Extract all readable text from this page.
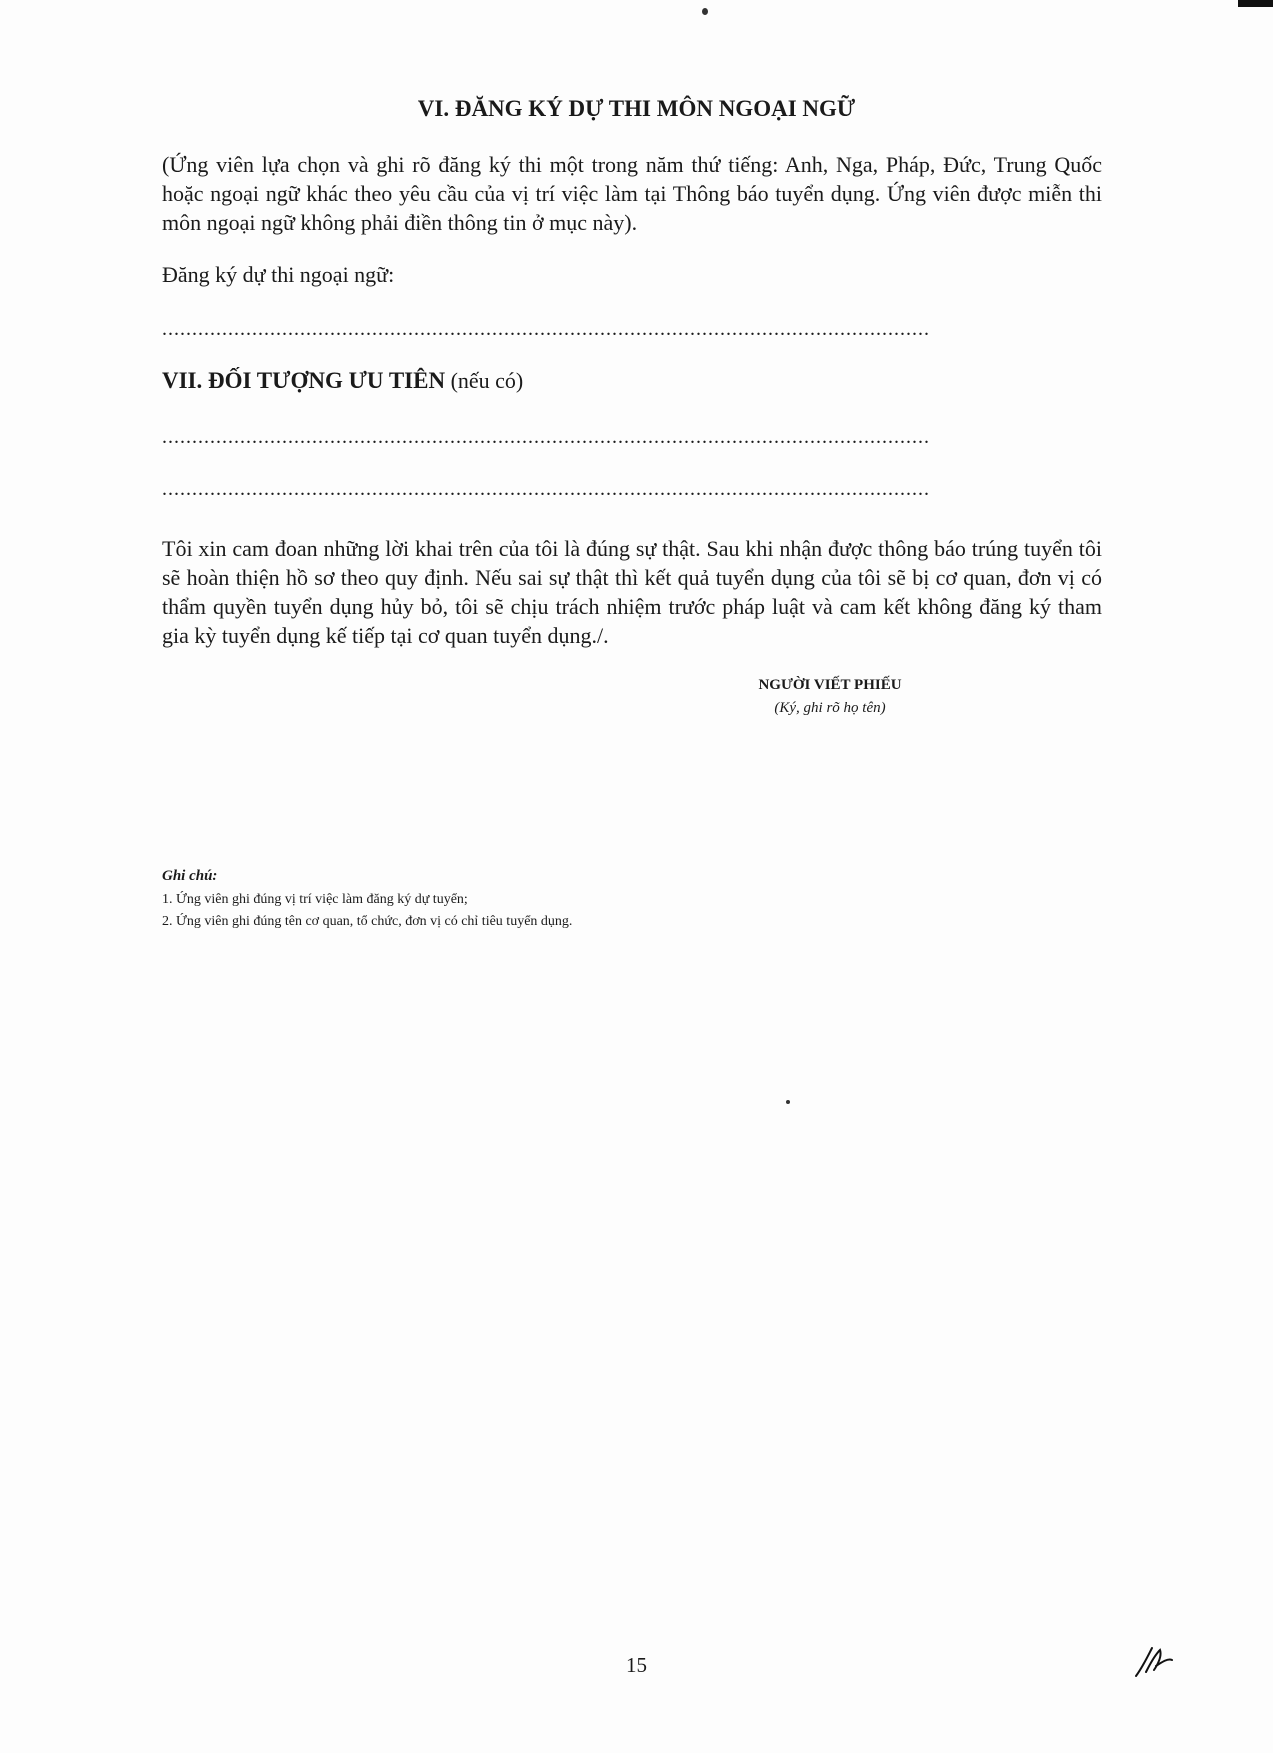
VI. ĐĂNG KÝ DỰ THI MÔN NGOẠI NGỮ
(Ứng viên lựa chọn và ghi rõ đăng ký thi một trong năm thứ tiếng: Anh, Nga, Pháp, Đức, Trung Quốc hoặc ngoại ngữ khác theo yêu cầu của vị trí việc làm tại Thông báo tuyển dụng. Ứng viên được miễn thi môn ngoại ngữ không phải điền thông tin ở mục này).
Đăng ký dự thi ngoại ngữ:
................................................................................................................................
VII. ĐỐI TƯỢNG ƯU TIÊN (nếu có)
................................................................................................................................
................................................................................................................................
Tôi xin cam đoan những lời khai trên của tôi là đúng sự thật. Sau khi nhận được thông báo trúng tuyển tôi sẽ hoàn thiện hồ sơ theo quy định. Nếu sai sự thật thì kết quả tuyển dụng của tôi sẽ bị cơ quan, đơn vị có thẩm quyền tuyển dụng hủy bỏ, tôi sẽ chịu trách nhiệm trước pháp luật và cam kết không đăng ký tham gia kỳ tuyển dụng kế tiếp tại cơ quan tuyển dụng./.
NGƯỜI VIẾT PHIẾU
(Ký, ghi rõ họ tên)
Ghi chú:
1. Ứng viên ghi đúng vị trí việc làm đăng ký dự tuyển;
2. Ứng viên ghi đúng tên cơ quan, tổ chức, đơn vị có chỉ tiêu tuyển dụng.
15
